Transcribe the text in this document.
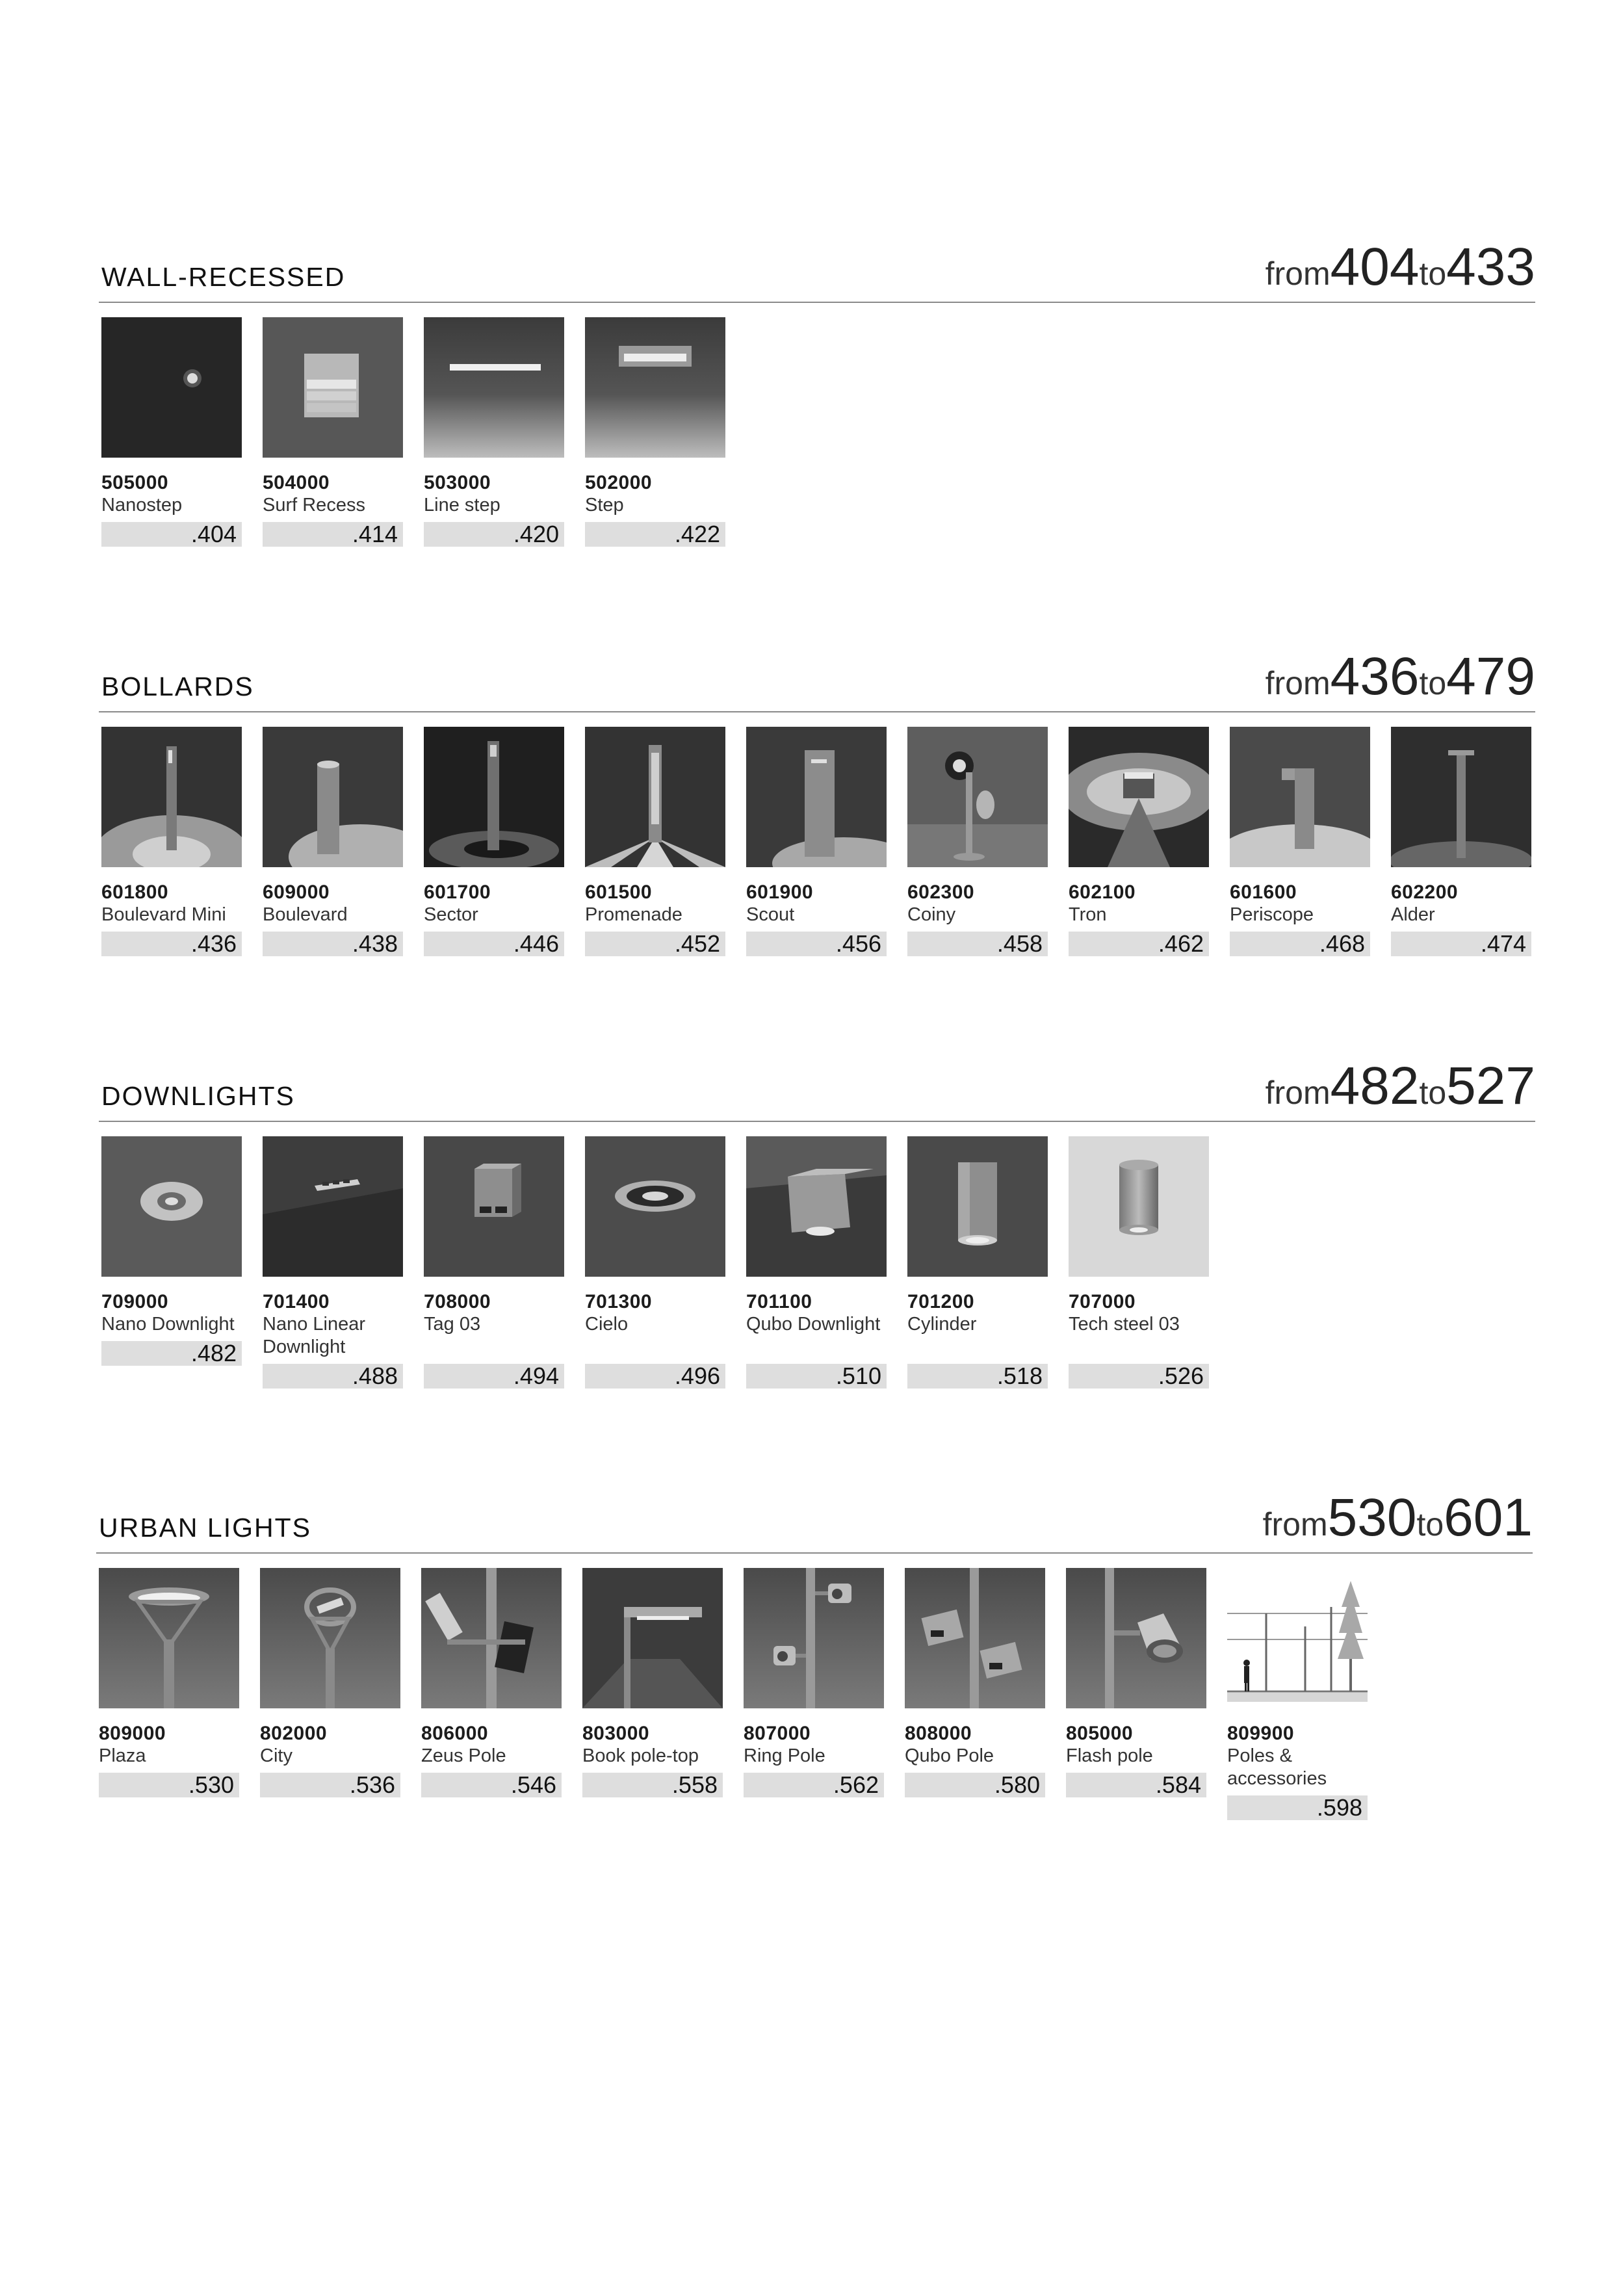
WALL-RECESSED	from404to433
505000
Nanostep
.404
504000
Surf Recess
.414
503000
Line step
.420
502000
Step
.422
BOLLARDS	from436to479
601800
Boulevard Mini
.436
609000
Boulevard
.438
601700
Sector
.446
601500
Promenade
.452
601900
Scout
.456
602300
Coiny
.458
602100
Tron
.462
601600
Periscope
.468
602200
Alder
.474
DOWNLIGHTS	from482to527
709000
Nano Downlight
.482
701400
Nano Linear Downlight
.488
708000
Tag 03
.494
701300
Cielo
.496
701100
Qubo Downlight
.510
701200
Cylinder
.518
707000
Tech steel 03
.526
URBAN LIGHTS	from530to601
809000
Plaza
.530
802000
City
.536
806000
Zeus Pole
.546
803000
Book pole-top
.558
807000
Ring Pole
.562
808000
Qubo Pole
.580
805000
Flash pole
.584
809900
Poles & accessories
.598
